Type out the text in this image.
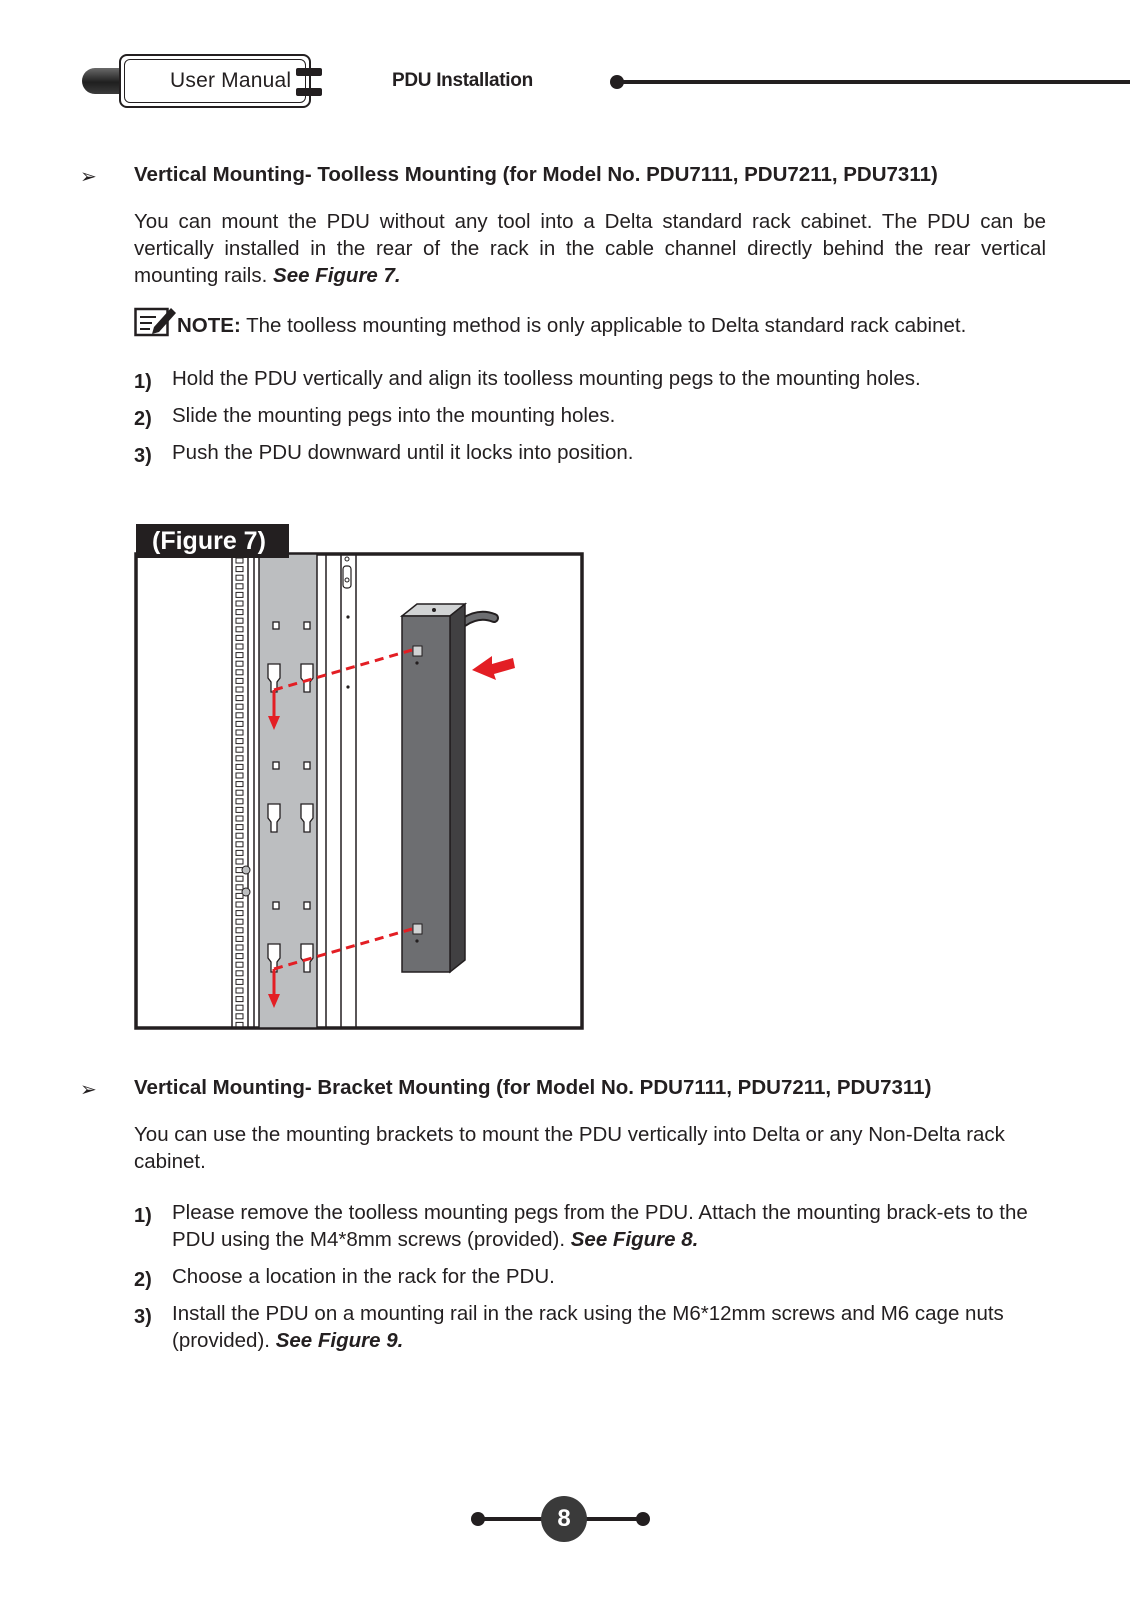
User Manual	PDU Installation
➢ Vertical Mounting- Toolless Mounting (for Model No. PDU7111, PDU7211, PDU7311)
You can mount the PDU without any tool into a Delta standard rack cabinet. The PDU can be vertically installed in the rear of the rack in the cable channel directly behind the rear vertical mounting rails. See Figure 7.
NOTE: The toolless mounting method is only applicable to Delta standard rack cabinet.
1) Hold the PDU vertically and align its toolless mounting pegs to the mounting holes.
2) Slide the mounting pegs into the mounting holes.
3) Push the PDU downward until it locks into position.
(Figure 7)
➢ Vertical Mounting- Bracket Mounting (for Model No. PDU7111, PDU7211, PDU7311)
You can use the mounting brackets to mount the PDU vertically into Delta or any Non-Delta rack cabinet.
1) Please remove the toolless mounting pegs from the PDU. Attach the mounting brack-ets to the PDU using the M4*8mm screws (provided). See Figure 8.
2) Choose a location in the rack for the PDU.
3) Install the PDU on a mounting rail in the rack using the M6*12mm screws and M6 cage nuts (provided). See Figure 9.
8
